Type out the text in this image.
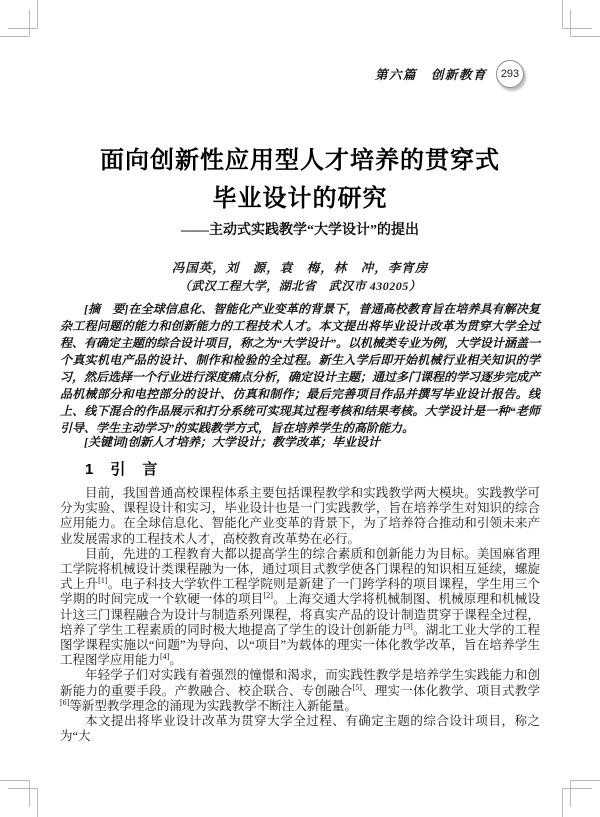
第六篇　创新教育 293
面向创新性应用型人才培养的贯穿式
毕业设计的研究
——主动式实践教学“大学设计”的提出
冯国英，刘　源，袁　梅，林　冲，李宵房
（武汉工程大学，湖北省　武汉市 430205）

[摘　要]在全球信息化、智能化产业变革的背景下，普通高校教育旨在培养具有解决复杂工程问题的能力和创新能力的工程技术人才。本文提出将毕业设计改革为贯穿大学全过程、有确定主题的综合设计项目，称之为“大学设计”。以机械类专业为例，大学设计涵盖一个真实机电产品的设计、制作和检验的全过程。新生入学后即开始机械行业相关知识的学习，然后选择一个行业进行深度痛点分析，确定设计主题；通过多门课程的学习逐步完成产品机械部分和电控部分的设计、仿真和制作；最后完善项目作品并撰写毕业设计报告。线上、线下混合的作品展示和打分系统可实现其过程考核和结果考核。大学设计是一种“老师引导、学生主动学习”的实践教学方式，旨在培养学生的高阶能力。

[关键词]创新人才培养；大学设计；教学改革；毕业设计

1　引　言

目前，我国普通高校课程体系主要包括课程教学和实践教学两大模块。实践教学可分为实验、课程设计和实习，毕业设计也是一门实践教学，旨在培养学生对知识的综合应用能力。在全球信息化、智能化产业变革的背景下，为了培养符合推动和引领未来产业发展需求的工程技术人才，高校教育改革势在必行。

目前，先进的工程教育大都以提高学生的综合素质和创新能力为目标。美国麻省理工学院将机械设计类课程融为一体，通过项目式教学使各门课程的知识相互延续，螺旋式上升[1]。电子科技大学软件工程学院则是新建了一门跨学科的项目课程，学生用三个学期的时间完成一个软硬一体的项目[2]。上海交通大学将机械制图、机械原理和机械设计这三门课程融合为设计与制造系列课程，将真实产品的设计制造贯穿于课程全过程，培养了学生工程素质的同时极大地提高了学生的设计创新能力[3]。湖北工业大学的工程图学课程实施以“问题”为导向、以“项目”为载体的理实一体化教学改革，旨在培养学生工程图学应用能力[4]。

年轻学子们对实践有着强烈的憧憬和渴求，而实践性教学是培养学生实践能力和创新能力的重要手段。产教融合、校企联合、专创融合[5]、理实一体化教学、项目式教学[6]等新型教学理念的涌现为实践教学不断注入新能量。

本文提出将毕业设计改革为贯穿大学全过程、有确定主题的综合设计项目，称之为“大
